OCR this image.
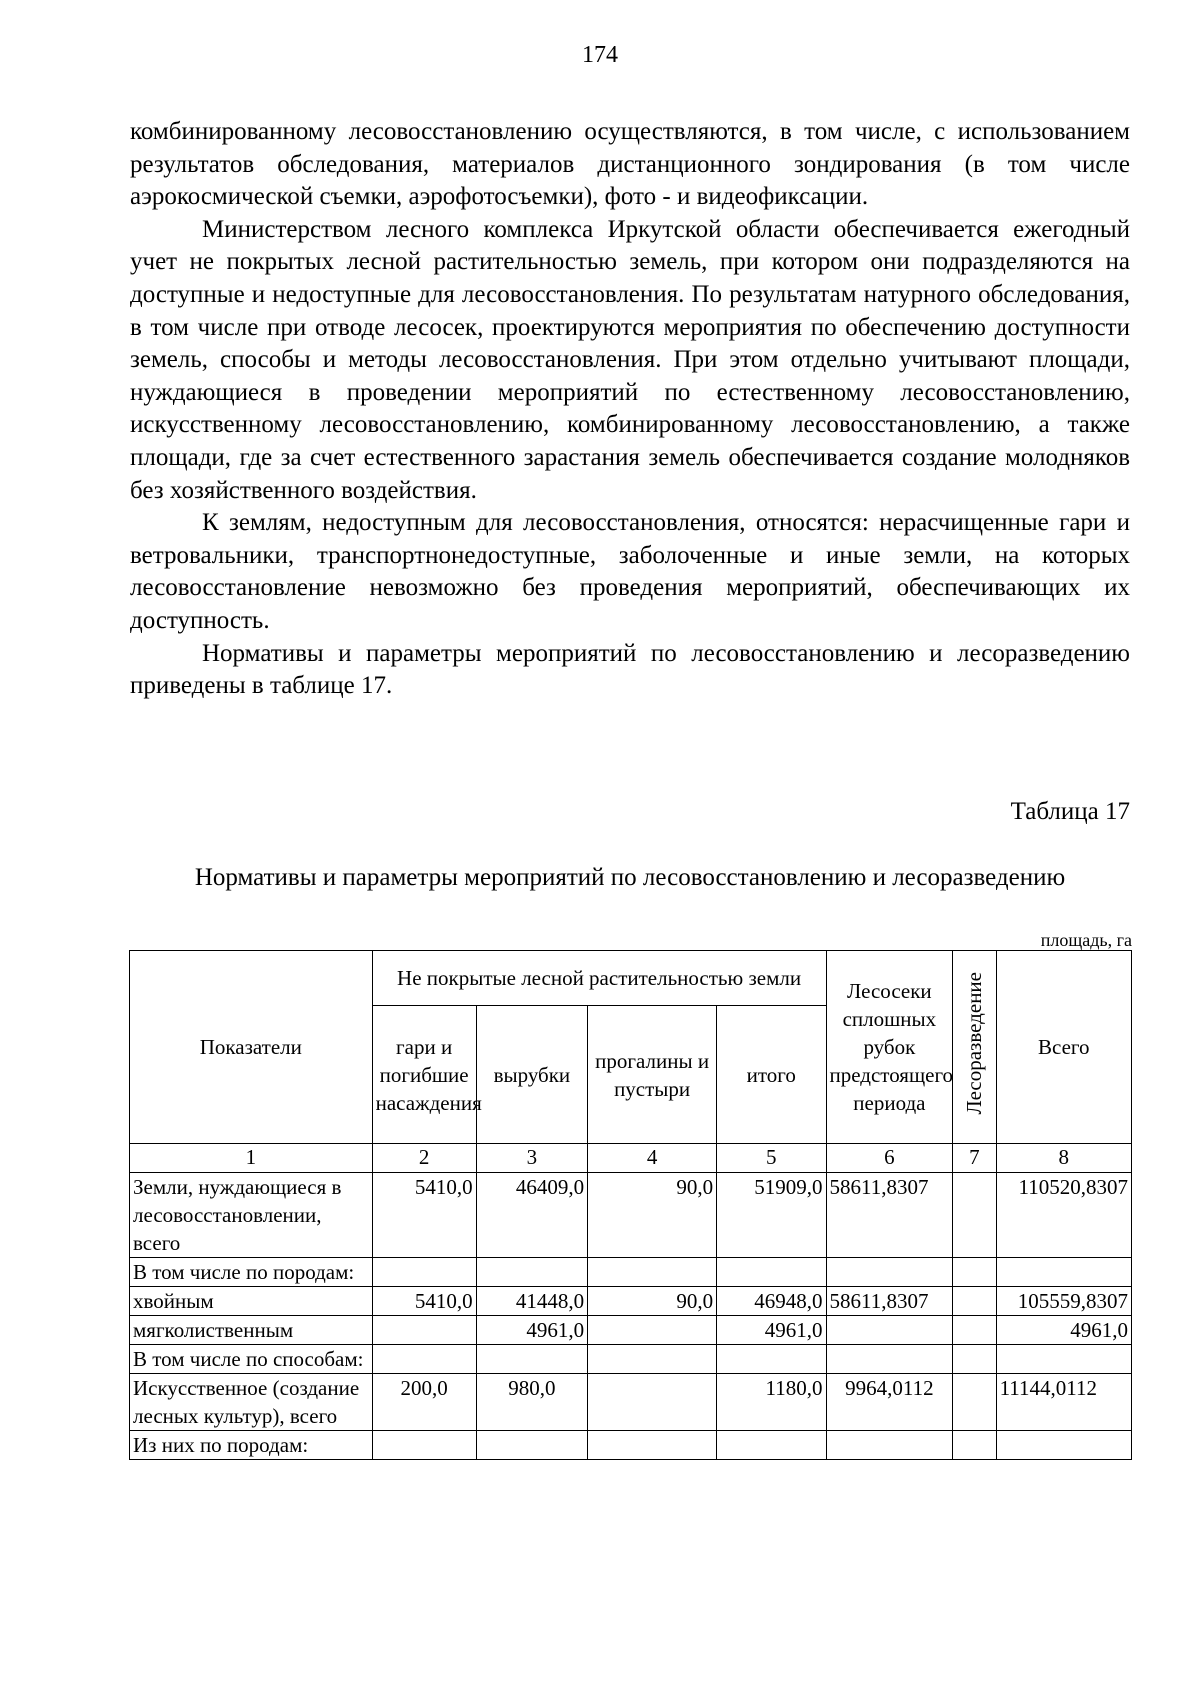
174

комбинированному лесовосстановлению осуществляются, в том числе, с использованием результатов обследования, материалов дистанционного зондирования (в том числе аэрокосмической съемки, аэрофотосъемки), фото - и видеофиксации.

Министерством лесного комплекса Иркутской области обеспечивается ежегодный учет не покрытых лесной растительностью земель, при котором они подразделяются на доступные и недоступные для лесовосстановления. По результатам натурного обследования, в том числе при отводе лесосек, проектируются мероприятия по обеспечению доступности земель, способы и методы лесовосстановления. При этом отдельно учитывают площади, нуждающиеся в проведении мероприятий по естественному лесовосстановлению, искусственному лесовосстановлению, комбинированному лесовосстановлению, а также площади, где за счет естественного зарастания земель обеспечивается создание молодняков без хозяйственного воздействия.

К землям, недоступным для лесовосстановления, относятся: нерасчищенные гари и ветровальники, транспортнонедоступные, заболоченные и иные земли, на которых лесовосстановление невозможно без проведения мероприятий, обеспечивающих их доступность.

Нормативы и параметры мероприятий по лесовосстановлению и лесоразведению приведены в таблице 17.

Таблица 17
Нормативы и параметры мероприятий по лесовосстановлению и лесоразведению
площадь, га
Показатели	Не покрытые лесной растительностью земли				Лесосеки сплошных рубок предстоящего периода	Лесоразведение	Всего
	гари и погибшие насаждения	вырубки	прогалины и пустыри	итого			
1	2	3	4	5	6	7	8
Земли, нуждающиеся в лесовосстановлении, всего	5410,0	46409,0	90,0	51909,0	58611,8307		110520,8307
В том числе по породам:							
хвойным	5410,0	41448,0	90,0	46948,0	58611,8307		105559,8307
мягколиственным		4961,0		4961,0			4961,0
В том числе по способам:							
Искусственное (создание лесных культур), всего	200,0	980,0		1180,0	9964,0112		11144,0112
Из них по породам:							
